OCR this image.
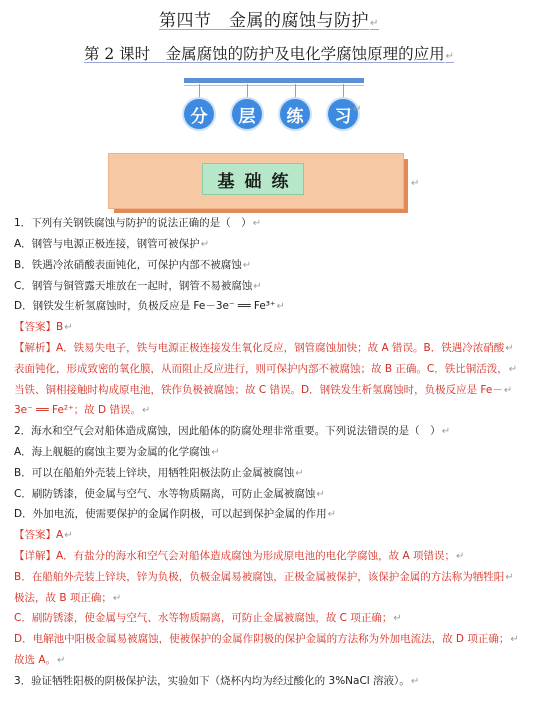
第四节　金属的腐蚀与防护↵
第 2 课时　金属腐蚀的防护及电化学腐蚀原理的应用↵
分	层	练	习 ↵
基础练	↵
1．下列有关钢铁腐蚀与防护的说法正确的是（　）↵
A．钢管与电源正极连接，钢管可被保护↵
B．铁遇冷浓硝酸表面钝化，可保护内部不被腐蚀↵
C．钢管与铜管露天堆放在一起时，钢管不易被腐蚀↵
D．钢铁发生析氢腐蚀时，负极反应是 Fe－3e⁻ ══ Fe³⁺↵
【答案】B↵
【解析】A．铁易失电子，铁与电源正极连接发生氧化反应，钢管腐蚀加快；故 A 错误。B．铁遇冷浓硝酸↵
表面钝化，形成致密的氧化膜，从而阻止反应进行，则可保护内部不被腐蚀；故 B 正确。C．铁比铜活泼，↵
当铁、铜相接触时构成原电池，铁作负极被腐蚀；故 C 错误。D．钢铁发生析氢腐蚀时，负极反应是 Fe－↵
3e⁻ ══ Fe²⁺；故 D 错误。↵
2．海水和空气会对船体造成腐蚀，因此船体的防腐处理非常重要。下列说法错误的是（　）↵
A．海上舰艇的腐蚀主要为金属的化学腐蚀↵
B．可以在船舶外壳装上锌块，用牺牲阳极法防止金属被腐蚀↵
C．刷防锈漆，使金属与空气、水等物质隔离，可防止金属被腐蚀↵
D．外加电流，使需要保护的金属作阴极，可以起到保护金属的作用↵
【答案】A↵
【详解】A．有盐分的海水和空气会对船体造成腐蚀为形成原电池的电化学腐蚀，故 A 项错误；↵
B．在船舶外壳装上锌块，锌为负极，负极金属易被腐蚀，正极金属被保护，该保护金属的方法称为牺牲阳↵
极法，故 B 项正确；↵
C．刷防锈漆，使金属与空气、水等物质隔离，可防止金属被腐蚀，故 C 项正确；↵
D．电解池中阳极金属易被腐蚀，使被保护的金属作阴极的保护金属的方法称为外加电流法，故 D 项正确；↵
故选 A。↵
3．验证牺牲阳极的阴极保护法，实验如下（烧杯内均为经过酸化的 3%NaCl 溶液）。↵
